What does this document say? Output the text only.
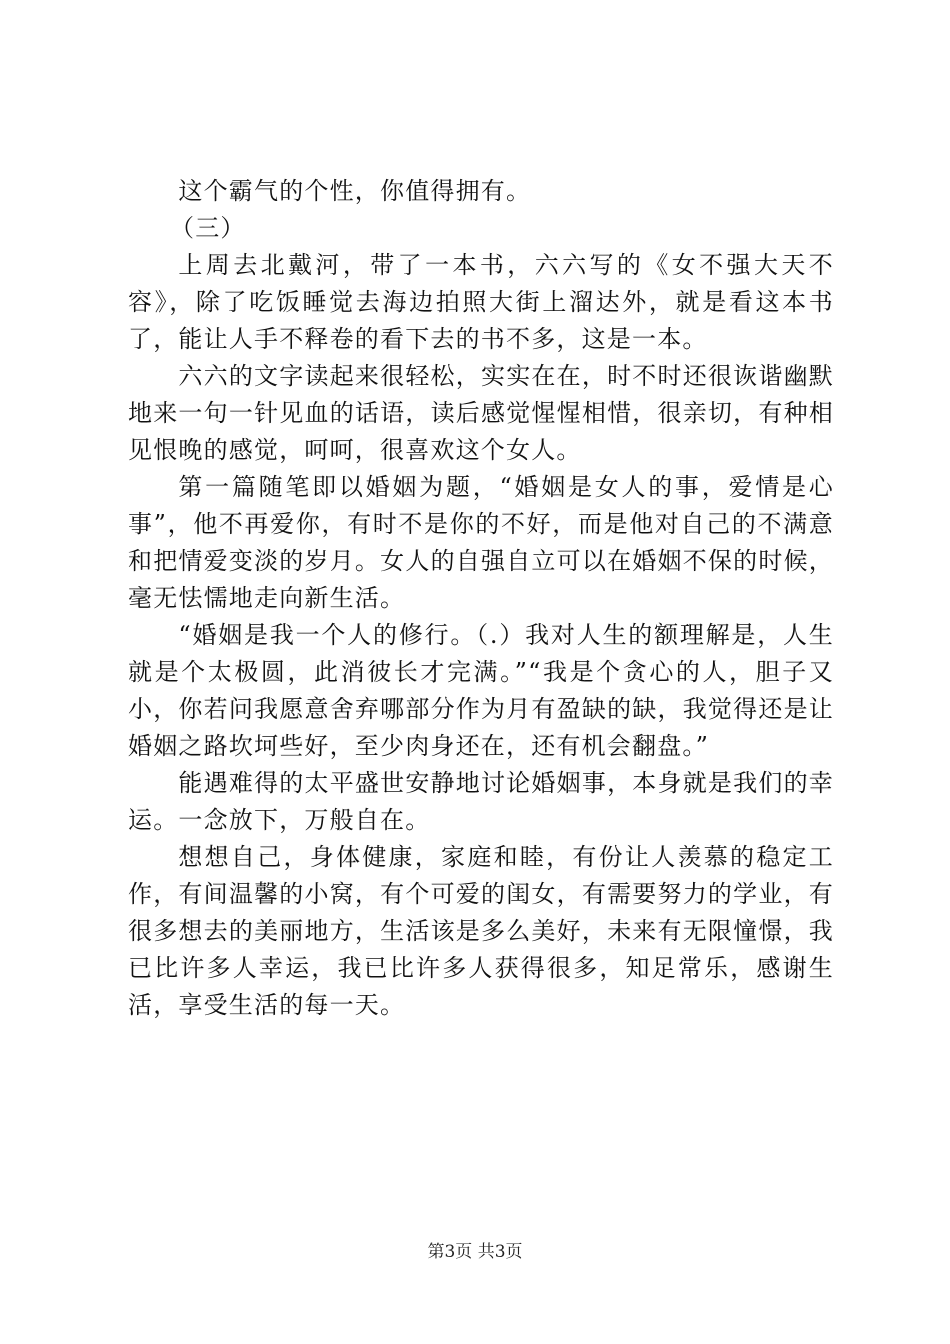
这个霸气的个性，你值得拥有。

（三）

上周去北戴河，带了一本书，六六写的《女不强大天不容》，除了吃饭睡觉去海边拍照大街上溜达外，就是看这本书了，能让人手不释卷的看下去的书不多，这是一本。

六六的文字读起来很轻松，实实在在，时不时还很诙谐幽默地来一句一针见血的话语，读后感觉惺惺相惜，很亲切，有种相见恨晚的感觉，呵呵，很喜欢这个女人。

第一篇随笔即以婚姻为题，“婚姻是女人的事，爱情是心事”，他不再爱你，有时不是你的不好，而是他对自己的不满意和把情爱变淡的岁月。女人的自强自立可以在婚姻不保的时候，毫无怯懦地走向新生活。

“婚姻是我一个人的修行。（.）我对人生的额理解是，人生就是个太极圆，此消彼长才完满。”“我是个贪心的人，胆子又小，你若问我愿意舍弃哪部分作为月有盈缺的缺，我觉得还是让婚姻之路坎坷些好，至少肉身还在，还有机会翻盘。”

能遇难得的太平盛世安静地讨论婚姻事，本身就是我们的幸运。一念放下，万般自在。

想想自己，身体健康，家庭和睦，有份让人羡慕的稳定工作，有间温馨的小窝，有个可爱的闺女，有需要努力的学业，有很多想去的美丽地方，生活该是多么美好，未来有无限憧憬，我已比许多人幸运，我已比许多人获得很多，知足常乐，感谢生活，享受生活的每一天。

第3页 共3页
